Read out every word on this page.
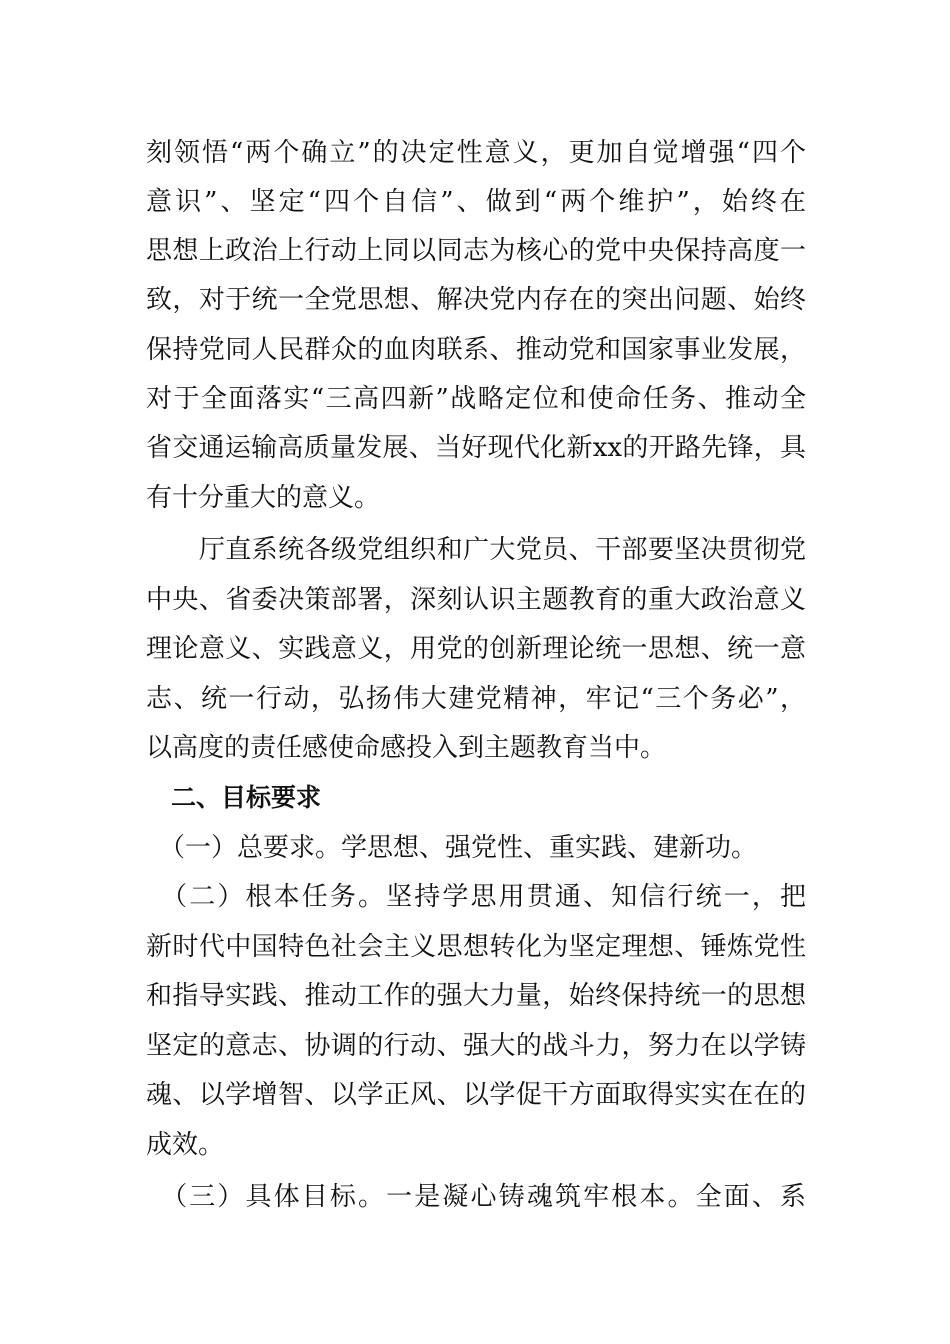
刻领悟“两个确立”的决定性意义，更加自觉增强“四个
意识”、坚定“四个自信”、做到“两个维护”，始终在
思想上政治上行动上同以同志为核心的党中央保持高度一
致，对于统一全党思想、解决党内存在的突出问题、始终
保持党同人民群众的血肉联系、推动党和国家事业发展，
对于全面落实“三高四新”战略定位和使命任务、推动全
省交通运输高质量发展、当好现代化新xx的开路先锋，具
有十分重大的意义。
　　厅直系统各级党组织和广大党员、干部要坚决贯彻党
中央、省委决策部署，深刻认识主题教育的重大政治意义
理论意义、实践意义，用党的创新理论统一思想、统一意
志、统一行动，弘扬伟大建党精神，牢记“三个务必”，
以高度的责任感使命感投入到主题教育当中。
　二、目标要求
　（一）总要求。学思想、强党性、重实践、建新功。
　（二）根本任务。坚持学思用贯通、知信行统一，把
新时代中国特色社会主义思想转化为坚定理想、锤炼党性
和指导实践、推动工作的强大力量，始终保持统一的思想
坚定的意志、协调的行动、强大的战斗力，努力在以学铸
魂、以学增智、以学正风、以学促干方面取得实实在在的
成效。
　（三）具体目标。一是凝心铸魂筑牢根本。全面、系
